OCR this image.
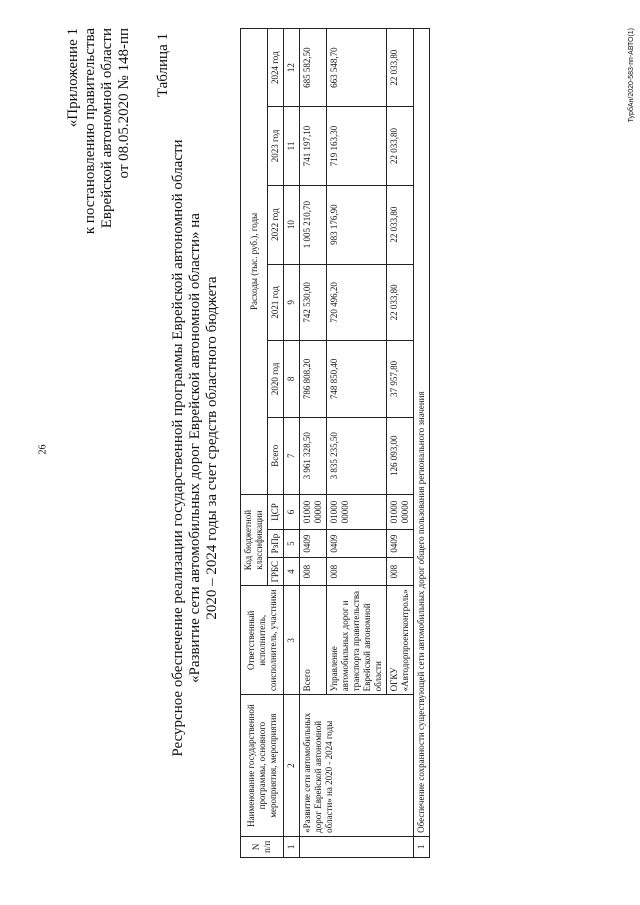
26
«Приложение 1 к постановлению правительства Еврейской автономной области от 08.05.2020 № 148-пп Таблица 1
Ресурсное обеспечение реализации государственной программы Еврейской автономной области «Развитие сети автомобильных дорог Еврейской автономной области» на 2020 – 2024 годы за счет средств областного бюджета
N п/п	Наименование государственной программы, основного мероприятия, мероприятия	Ответственный исполнитель, соисполнитель, участники	Код бюджетной классификации			Расходы (тыс. руб.), годы					
			ГРБС	РзПр	ЦСР	Всего	2020 год	2021 год	2022 год	2023 год	2024 год
1	2	3	4	5	6	7	8	9	10	11	12
	«Развитие сети автомобильных дорог Еврейской автономной области» на 2020 - 2024 годы	Всего	008	0409	01000 00000	3 961 328,50	786 808,20	742 530,00	1 005 210,70	741 197,10	685 582,50
		Управление автомобильных дорог и транспорта правительства Еврейской автономной области	008	0409	01000 00000	3 835 235,50	748 850,40	720 496,20	983 176,90	719 163,30	663 548,70
		ОГКУ «Автодорпроектконтроль»	008	0409	01000 00000	126 093,00	37 957,80	22 033,80	22 033,80	22 033,80	22 033,80
1	Обеспечение сохранности существующей сети автомобильных дорог общего пользования регионального значения										
ТурбАн/2020-583-пп-АВТО(1)
